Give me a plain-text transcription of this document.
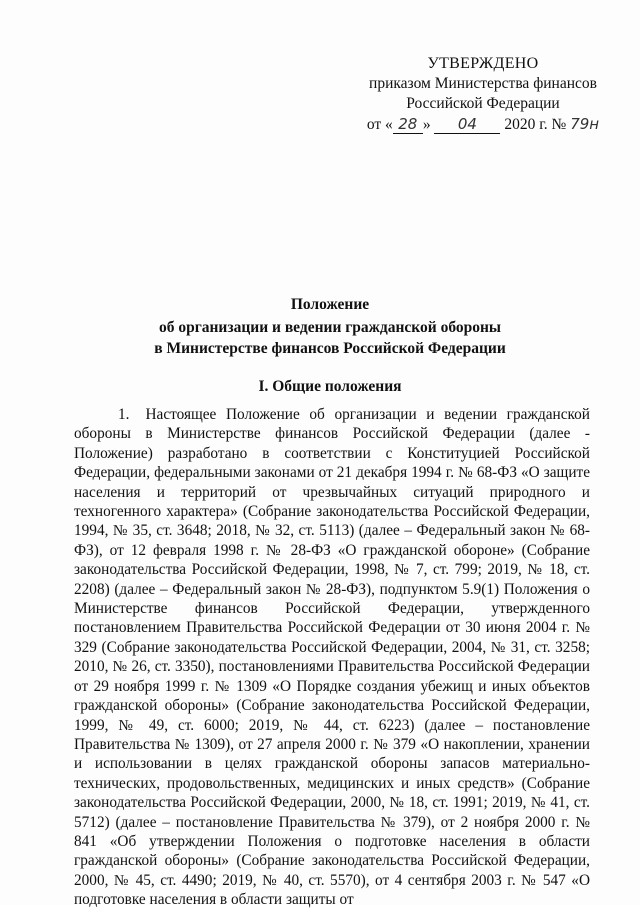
УТВЕРЖДЕНО
приказом Министерства финансов
Российской Федерации
от « 28 » 04 2020 г. № 79н
Положение
об организации и ведении гражданской обороны
в Министерстве финансов Российской Федерации
I. Общие положения
1. Настоящее Положение об организации и ведении гражданской обороны в Министерстве финансов Российской Федерации (далее - Положение) разработано в соответствии с Конституцией Российской Федерации, федеральными законами от 21 декабря 1994 г. № 68-ФЗ «О защите населения и территорий от чрезвычайных ситуаций природного и техногенного характера» (Собрание законодательства Российской Федерации, 1994, № 35, ст. 3648; 2018, № 32, ст. 5113) (далее – Федеральный закон № 68-ФЗ), от 12 февраля 1998 г. № 28-ФЗ «О гражданской обороне» (Собрание законодательства Российской Федерации, 1998, № 7, ст. 799; 2019, № 18, ст. 2208) (далее – Федеральный закон № 28-ФЗ), подпунктом 5.9(1) Положения о Министерстве финансов Российской Федерации, утвержденного постановлением Правительства Российской Федерации от 30 июня 2004 г. № 329 (Собрание законодательства Российской Федерации, 2004, № 31, ст. 3258; 2010, № 26, ст. 3350), постановлениями Правительства Российской Федерации от 29 ноября 1999 г. № 1309 «О Порядке создания убежищ и иных объектов гражданской обороны» (Собрание законодательства Российской Федерации, 1999, № 49, ст. 6000; 2019, № 44, ст. 6223) (далее – постановление Правительства № 1309), от 27 апреля 2000 г. № 379 «О накоплении, хранении и использовании в целях гражданской обороны запасов материально-технических, продовольственных, медицинских и иных средств» (Собрание законодательства Российской Федерации, 2000, № 18, ст. 1991; 2019, № 41, ст. 5712) (далее – постановление Правительства № 379), от 2 ноября 2000 г. № 841 «Об утверждении Положения о подготовке населения в области гражданской обороны» (Собрание законодательства Российской Федерации, 2000, № 45, ст. 4490; 2019, № 40, ст. 5570), от 4 сентября 2003 г. № 547 «О подготовке населения в области защиты от
